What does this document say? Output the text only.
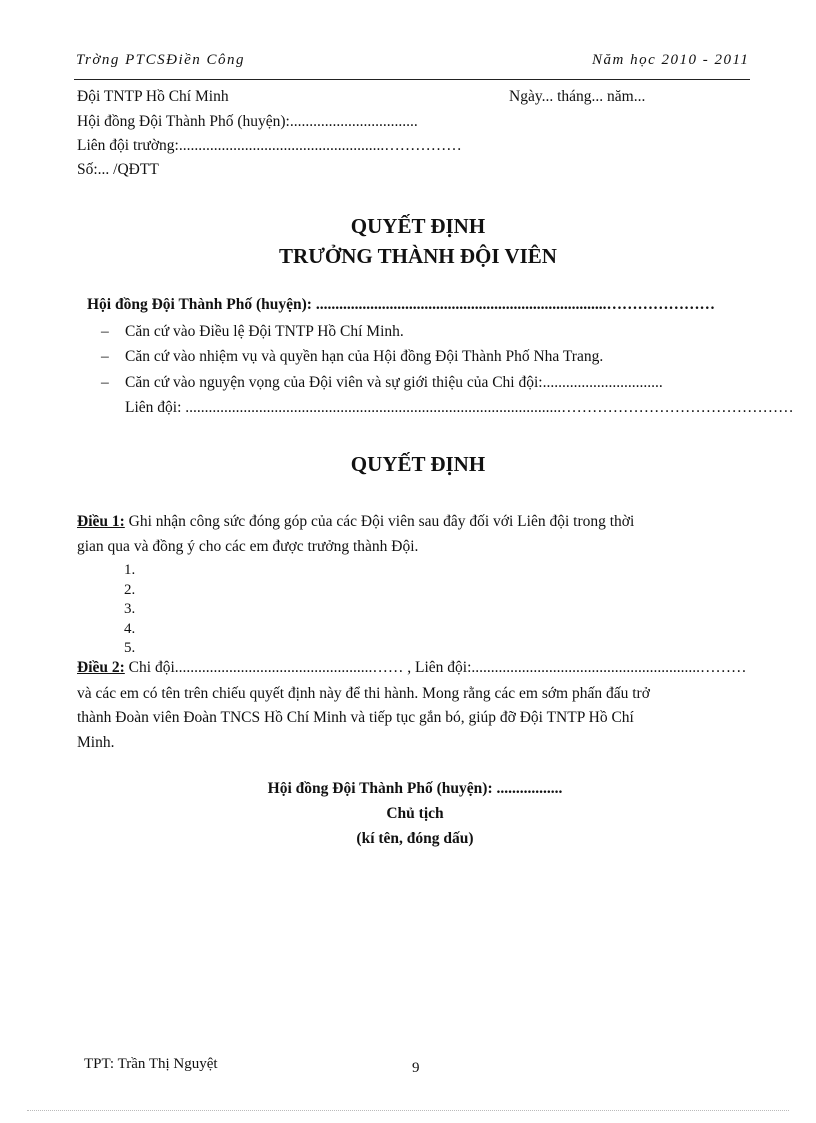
Trờng PTCSĐiền Công	Năm học 2010 - 2011
Đội TNTP Hồ Chí Minh	Ngày... tháng... năm...
Hội đồng Đội Thành Phố (huyện):.................................
Liên đội trường:.....................................................……………
Số:... /QĐTT
QUYẾT ĐỊNH
TRƯỞNG THÀNH ĐỘI VIÊN
Hội đồng Đội Thành Phố (huyện): ...........................................................................…………………
– Căn cứ vào Điều lệ Đội TNTP Hồ Chí Minh.
– Căn cứ vào nhiệm vụ và quyền hạn của Hội đồng Đội Thành Phố Nha Trang.
– Căn cứ vào nguyện vọng của Đội viên và sự giới thiệu của Chi đội:...............................
Liên đội: .................................................................................................………………………………………
QUYẾT ĐỊNH
Điều 1: Ghi nhận công sức đóng góp của các Đội viên sau đây đối với Liên đội trong thời
gian qua và đồng ý cho các em được trưởng thành Đội.
1.
2.
3.
4.
5.
Điều 2: Chi đội...................................................…… , Liên đội:...........................................................………
và các em có tên trên chiếu quyết định này để thi hành. Mong rằng các em sớm phấn đấu trở
thành Đoàn viên Đoàn TNCS Hồ Chí Minh và tiếp tục gắn bó, giúp đỡ Đội TNTP Hồ Chí
Minh.
Hội đồng Đội Thành Phố (huyện): .................
Chủ tịch
(kí tên, đóng dấu)
TPT: Trần Thị Nguyệt	9
